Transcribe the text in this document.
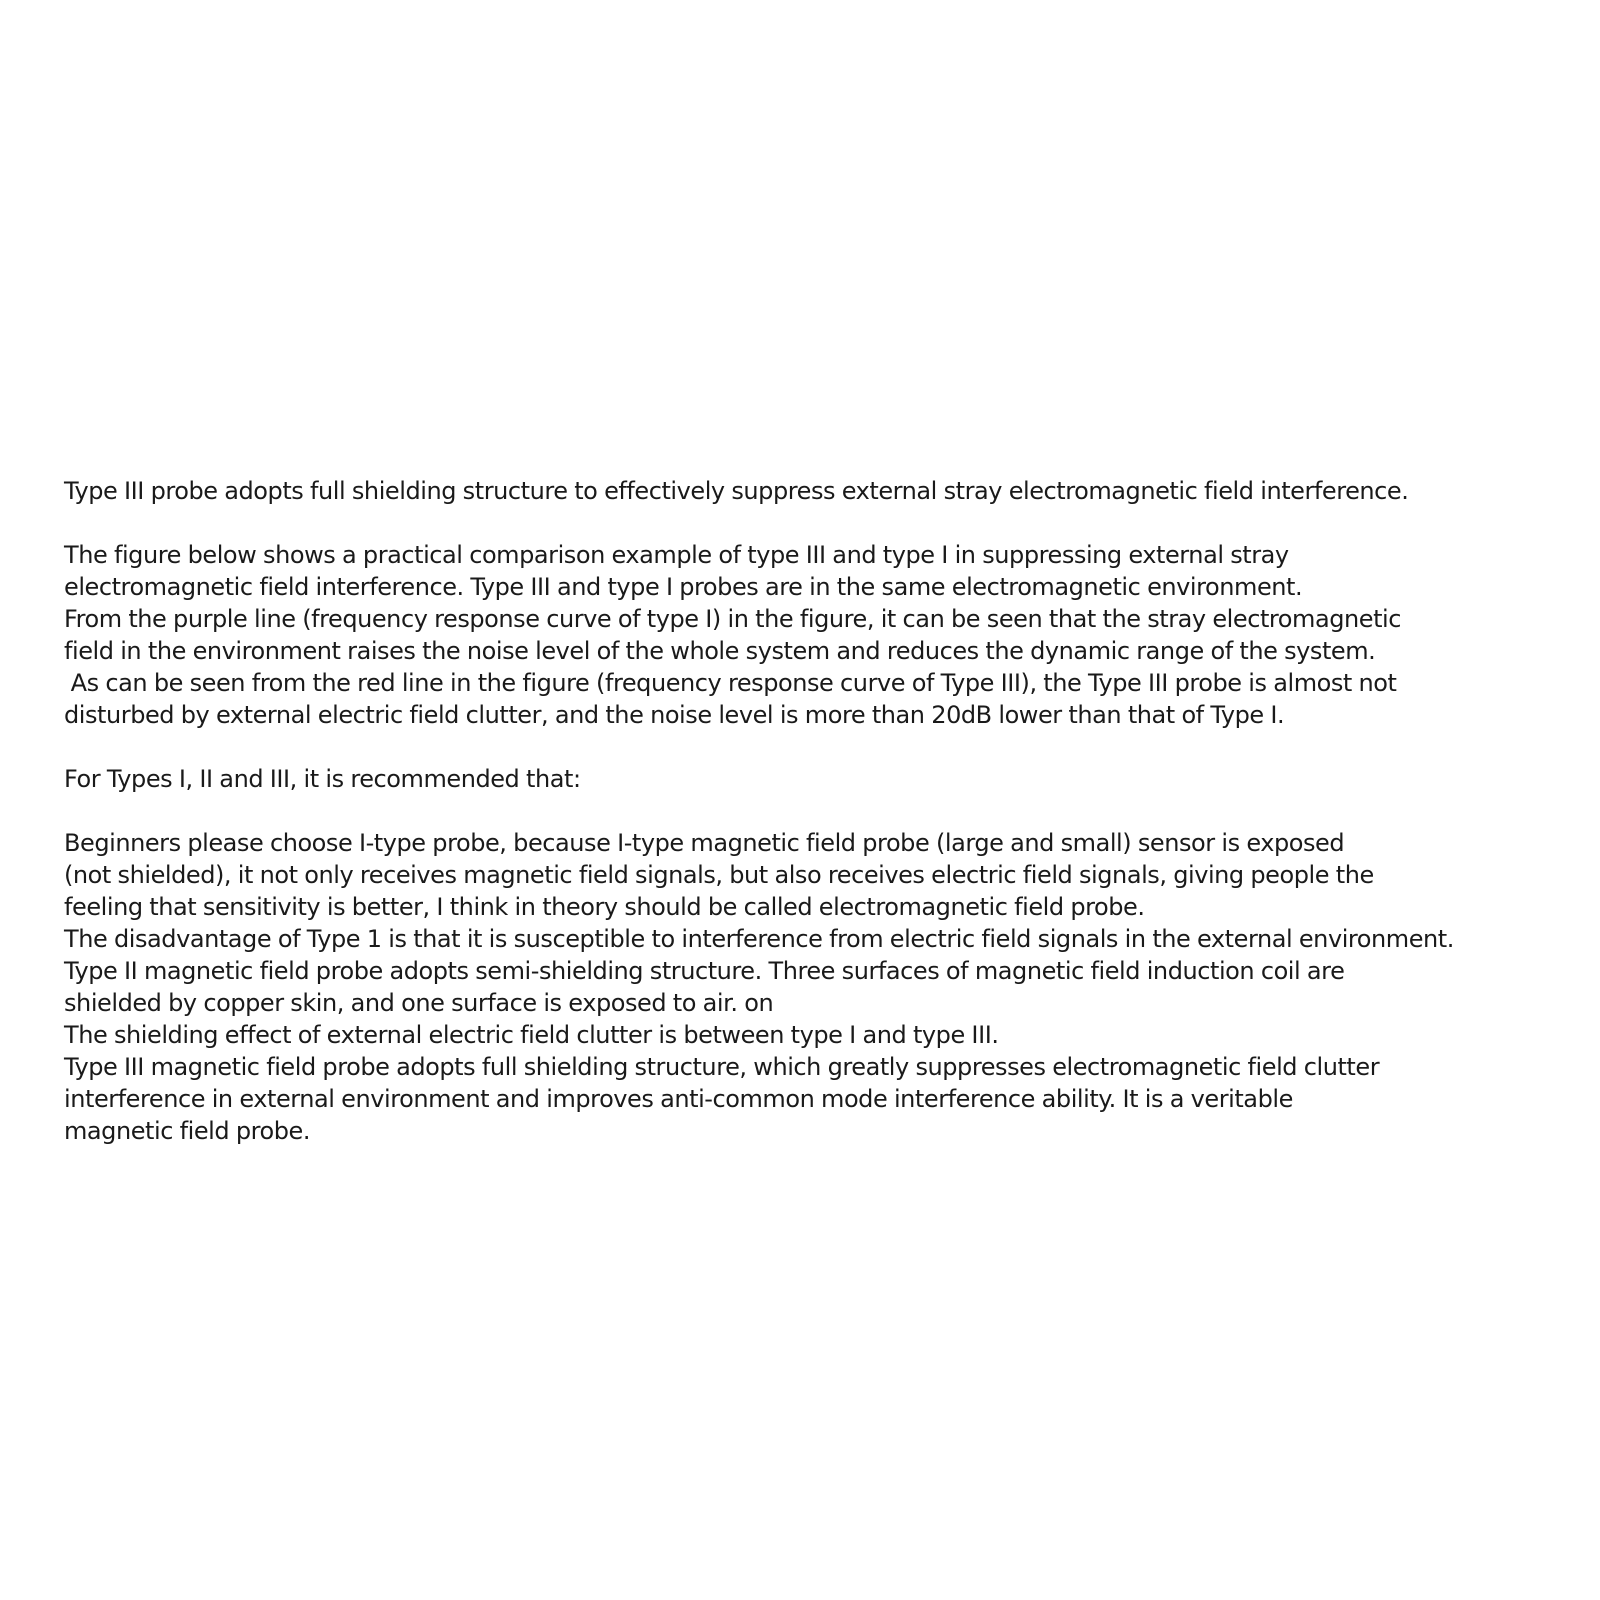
Type III probe adopts full shielding structure to effectively suppress external stray electromagnetic field interference.
The figure below shows a practical comparison example of type III and type I in suppressing external stray
electromagnetic field interference. Type III and type I probes are in the same electromagnetic environment.
From the purple line (frequency response curve of type I) in the figure, it can be seen that the stray electromagnetic
field in the environment raises the noise level of the whole system and reduces the dynamic range of the system.
As can be seen from the red line in the figure (frequency response curve of Type III), the Type III probe is almost not
disturbed by external electric field clutter, and the noise level is more than 20dB lower than that of Type I.
For Types I, II and III, it is recommended that:
Beginners please choose I-type probe, because I-type magnetic field probe (large and small) sensor is exposed
(not shielded), it not only receives magnetic field signals, but also receives electric field signals, giving people the
feeling that sensitivity is better, I think in theory should be called electromagnetic field probe.
The disadvantage of Type 1 is that it is susceptible to interference from electric field signals in the external environment.
Type II magnetic field probe adopts semi-shielding structure. Three surfaces of magnetic field induction coil are
shielded by copper skin, and one surface is exposed to air. on
The shielding effect of external electric field clutter is between type I and type III.
Type III magnetic field probe adopts full shielding structure, which greatly suppresses electromagnetic field clutter
interference in external environment and improves anti-common mode interference ability. It is a veritable
magnetic field probe.
